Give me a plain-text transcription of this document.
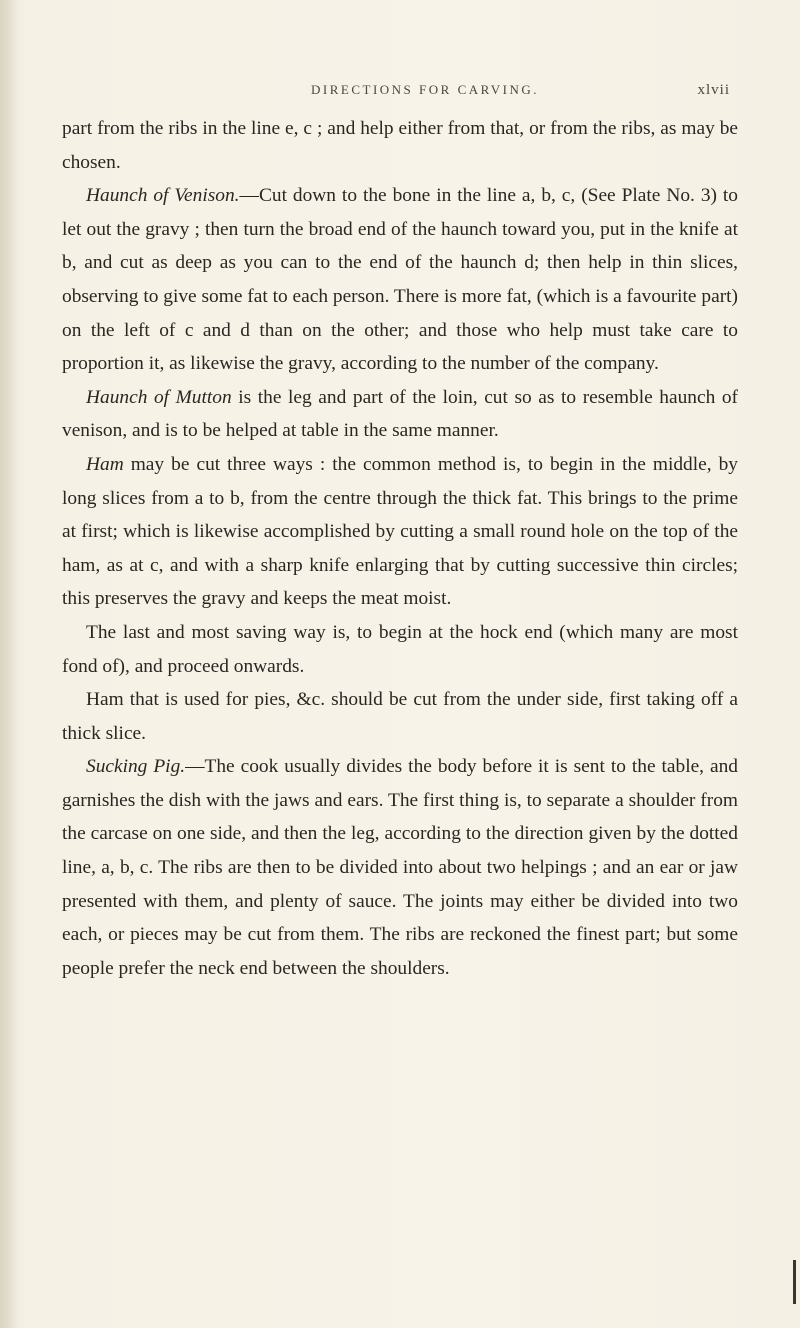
DIRECTIONS FOR CARVING.	xlvii

part from the ribs in the line e, c ; and help either from that, or from the ribs, as may be chosen.

Haunch of Venison.—Cut down to the bone in the line a, b, c, (See Plate No. 3) to let out the gravy ; then turn the broad end of the haunch toward you, put in the knife at b, and cut as deep as you can to the end of the haunch d; then help in thin slices, observing to give some fat to each person. There is more fat, (which is a favourite part) on the left of c and d than on the other; and those who help must take care to proportion it, as likewise the gravy, according to the number of the company.

Haunch of Mutton is the leg and part of the loin, cut so as to resemble haunch of venison, and is to be helped at table in the same manner.

Ham may be cut three ways : the common method is, to begin in the middle, by long slices from a to b, from the centre through the thick fat. This brings to the prime at first; which is likewise accomplished by cutting a small round hole on the top of the ham, as at c, and with a sharp knife enlarging that by cutting successive thin circles; this preserves the gravy and keeps the meat moist.

The last and most saving way is, to begin at the hock end (which many are most fond of), and proceed onwards.

Ham that is used for pies, &c. should be cut from the under side, first taking off a thick slice.

Sucking Pig.—The cook usually divides the body before it is sent to the table, and garnishes the dish with the jaws and ears. The first thing is, to separate a shoulder from the carcase on one side, and then the leg, according to the direction given by the dotted line, a, b, c. The ribs are then to be divided into about two helpings ; and an ear or jaw presented with them, and plenty of sauce. The joints may either be divided into two each, or pieces may be cut from them. The ribs are reckoned the finest part; but some people prefer the neck end between the shoulders.
